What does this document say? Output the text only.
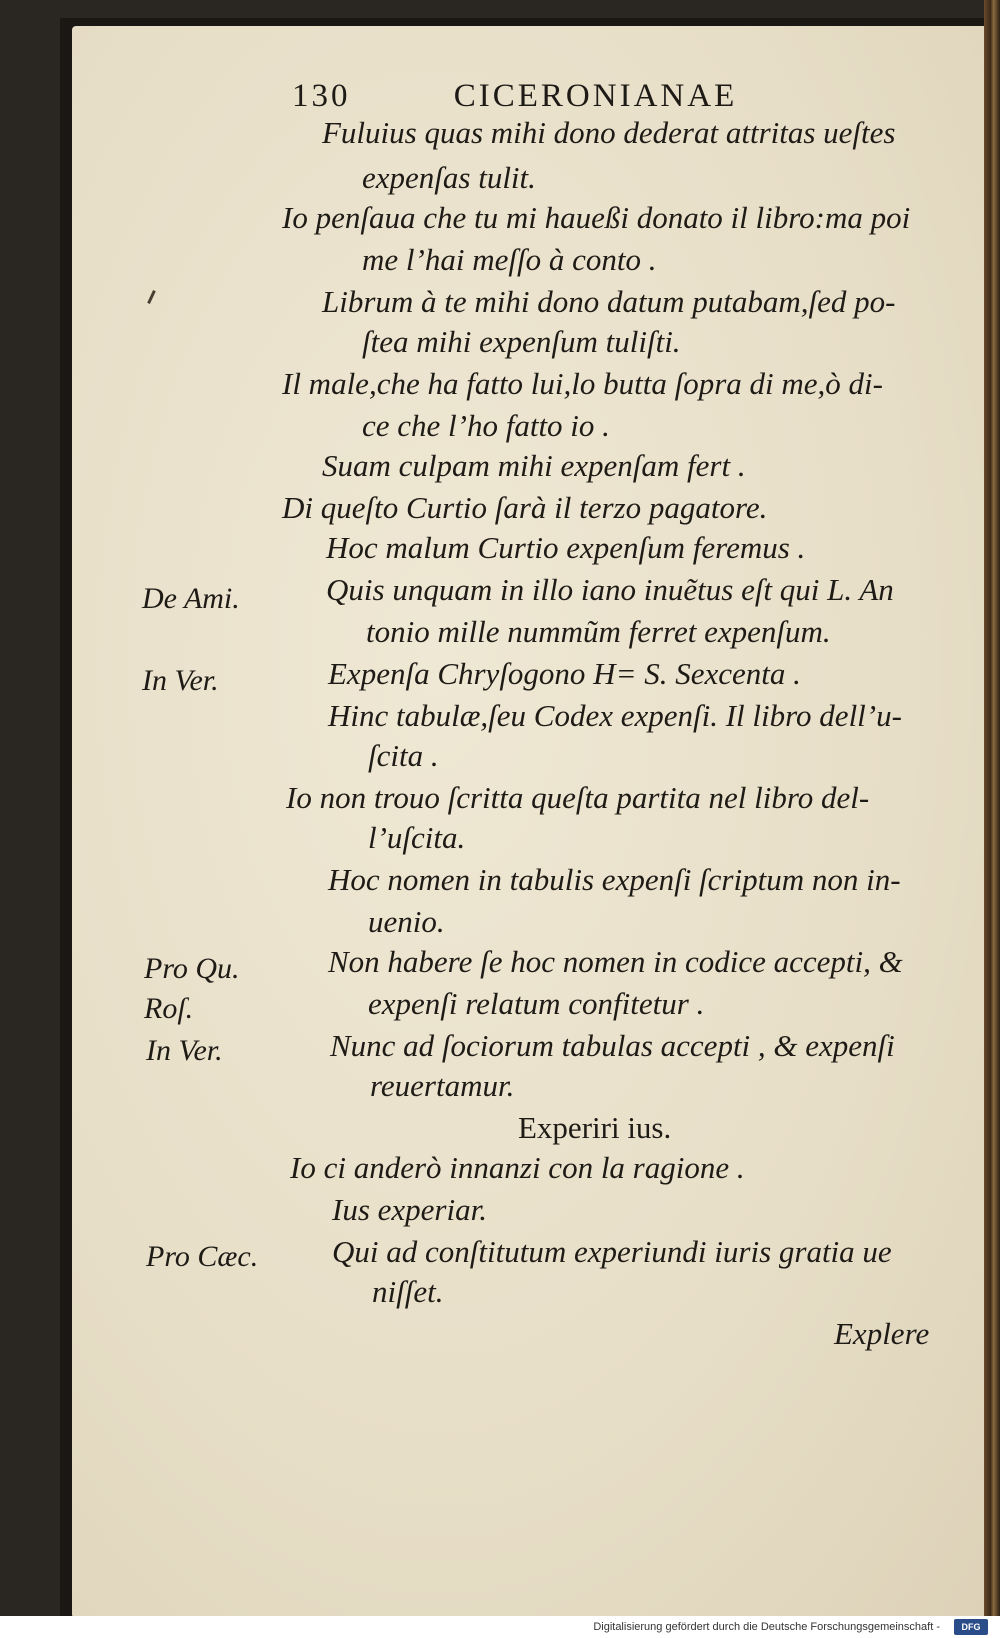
130	CICERONIANAE
Fuluius quas mihi dono dederat attritas ueſtes
expenſas tulit.
Io penſaua che tu mi haueßi donato il libro:ma poi
me l’hai meſſo à conto .
Librum à te mihi dono datum putabam,ſed po-
ſtea mihi expenſum tuliſti.
Il male,che ha fatto lui,lo butta ſopra di me,ò di-
ce che l’ho fatto io .
Suam culpam mihi expenſam fert .
Di queſto Curtio ſarà il terzo pagatore.
Hoc malum Curtio expenſum feremus .
Quis unquam in illo iano inuẽtus eſt qui L. An
tonio mille nummũm ferret expenſum.
Expenſa Chryſogono H= S. Sexcenta .
Hinc tabulæ,ſeu Codex expenſi. Il libro dell’u-
ſcita .
Io non trouo ſcritta queſta partita nel libro del-
l’uſcita.
Hoc nomen in tabulis expenſi ſcriptum non in-
uenio.
Non habere ſe hoc nomen in codice accepti, &
expenſi relatum confitetur .
Nunc ad ſociorum tabulas accepti , & expenſi
reuertamur.
Experiri ius.
Io ci anderò innanzi con la ragione .
Ius experiar.
Qui ad conſtitutum experiundi iuris gratia ue
niſſet.
Explere
De Ami.
In Ver.
Pro Qu.
Roſ.
In Ver.
Pro Cæc.
Digitalisierung gefördert durch die Deutsche Forschungsgemeinschaft -	DFG
